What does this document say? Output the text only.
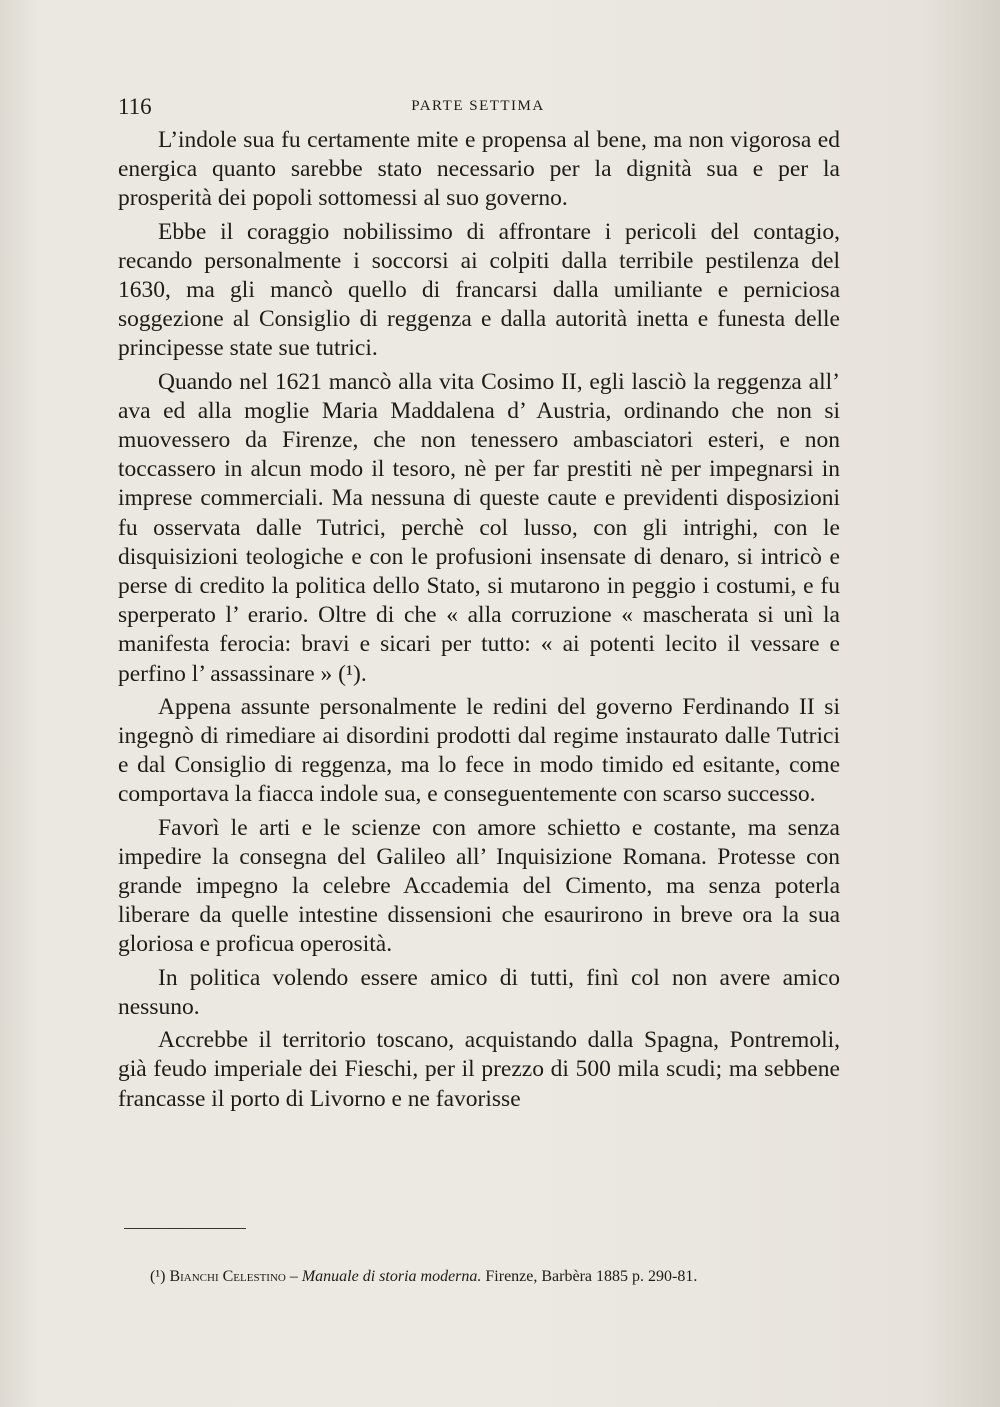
116	PARTE SETTIMA

L’indole sua fu certamente mite e propensa al bene, ma non vigorosa ed energica quanto sarebbe stato necessario per la dignità sua e per la prosperità dei popoli sottomessi al suo governo.

Ebbe il coraggio nobilissimo di affrontare i pericoli del contagio, recando personalmente i soccorsi ai colpiti dalla terribile pestilenza del 1630, ma gli mancò quello di francarsi dalla umiliante e perniciosa soggezione al Consiglio di reggenza e dalla autorità inetta e funesta delle principesse state sue tutrici.

Quando nel 1621 mancò alla vita Cosimo II, egli lasciò la reggenza all’ ava ed alla moglie Maria Maddalena d’ Austria, ordinando che non si muovessero da Firenze, che non tenessero ambasciatori esteri, e non toccassero in alcun modo il tesoro, nè per far prestiti nè per impegnarsi in imprese commerciali. Ma nessuna di queste caute e previdenti disposizioni fu osservata dalle Tutrici, perchè col lusso, con gli intrighi, con le disquisizioni teologiche e con le profusioni insensate di denaro, si intricò e perse di credito la politica dello Stato, si mutarono in peggio i costumi, e fu sperperato l’ erario. Oltre di che « alla corruzione « mascherata si unì la manifesta ferocia: bravi e sicari per tutto: « ai potenti lecito il vessare e perfino l’ assassinare » (¹).

Appena assunte personalmente le redini del governo Ferdinando II si ingegnò di rimediare ai disordini prodotti dal regime instaurato dalle Tutrici e dal Consiglio di reggenza, ma lo fece in modo timido ed esitante, come comportava la fiacca indole sua, e conseguentemente con scarso successo.

Favorì le arti e le scienze con amore schietto e costante, ma senza impedire la consegna del Galileo all’ Inquisizione Romana. Protesse con grande impegno la celebre Accademia del Cimento, ma senza poterla liberare da quelle intestine dissensioni che esaurirono in breve ora la sua gloriosa e proficua operosità.

In politica volendo essere amico di tutti, finì col non avere amico nessuno.

Accrebbe il territorio toscano, acquistando dalla Spagna, Pontremoli, già feudo imperiale dei Fieschi, per il prezzo di 500 mila scudi; ma sebbene francasse il porto di Livorno e ne favorisse

(¹) Bianchi Celestino – Manuale di storia moderna. Firenze, Barbèra 1885 p. 290-81.
